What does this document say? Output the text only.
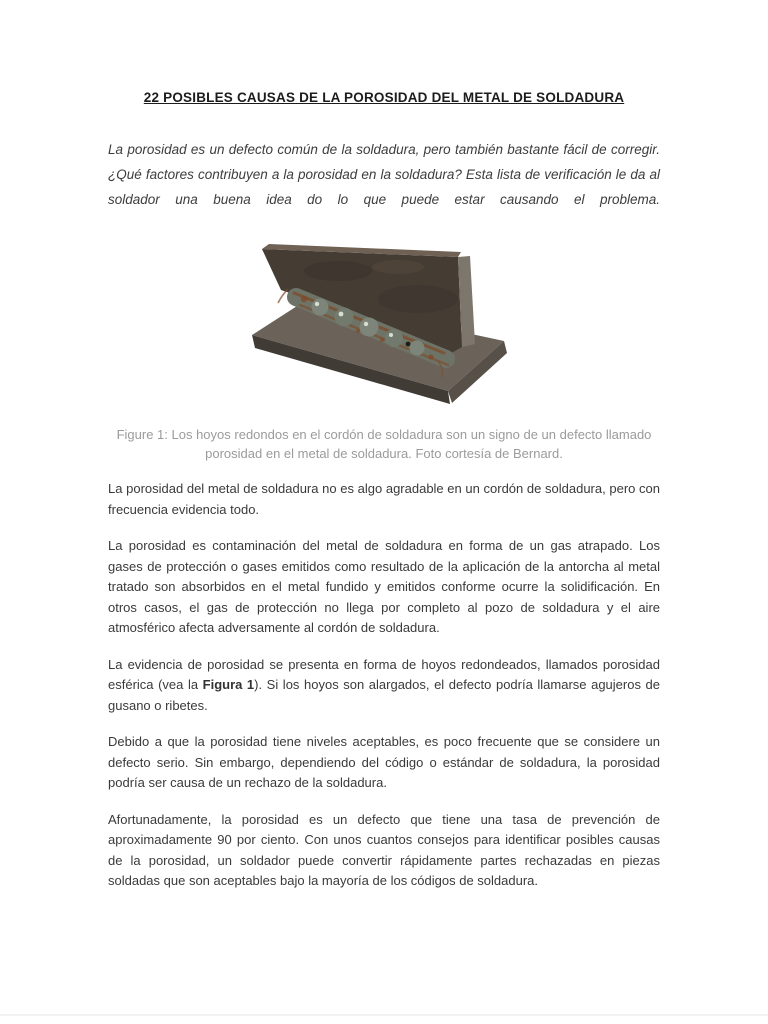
22 POSIBLES CAUSAS DE LA POROSIDAD DEL METAL DE SOLDADURA

La porosidad es un defecto común de la soldadura, pero también bastante fácil de corregir. ¿Qué factores contribuyen a la porosidad en la soldadura? Esta lista de verificación le da al soldador una buena idea do lo que puede estar causando el problema.

Figure 1: Los hoyos redondos en el cordón de soldadura son un signo de un defecto llamado porosidad en el metal de soldadura. Foto cortesía de Bernard.

La porosidad del metal de soldadura no es algo agradable en un cordón de soldadura, pero con frecuencia evidencia todo.

La porosidad es contaminación del metal de soldadura en forma de un gas atrapado. Los gases de protección o gases emitidos como resultado de la aplicación de la antorcha al metal tratado son absorbidos en el metal fundido y emitidos conforme ocurre la solidificación. En otros casos, el gas de protección no llega por completo al pozo de soldadura y el aire atmosférico afecta adversamente al cordón de soldadura.

La evidencia de porosidad se presenta en forma de hoyos redondeados, llamados porosidad esférica (vea la Figura 1). Si los hoyos son alargados, el defecto podría llamarse agujeros de gusano o ribetes.

Debido a que la porosidad tiene niveles aceptables, es poco frecuente que se considere un defecto serio. Sin embargo, dependiendo del código o estándar de soldadura, la porosidad podría ser causa de un rechazo de la soldadura.

Afortunadamente, la porosidad es un defecto que tiene una tasa de prevención de aproximadamente 90 por ciento. Con unos cuantos consejos para identificar posibles causas de la porosidad, un soldador puede convertir rápidamente partes rechazadas en piezas soldadas que son aceptables bajo la mayoría de los códigos de soldadura.
